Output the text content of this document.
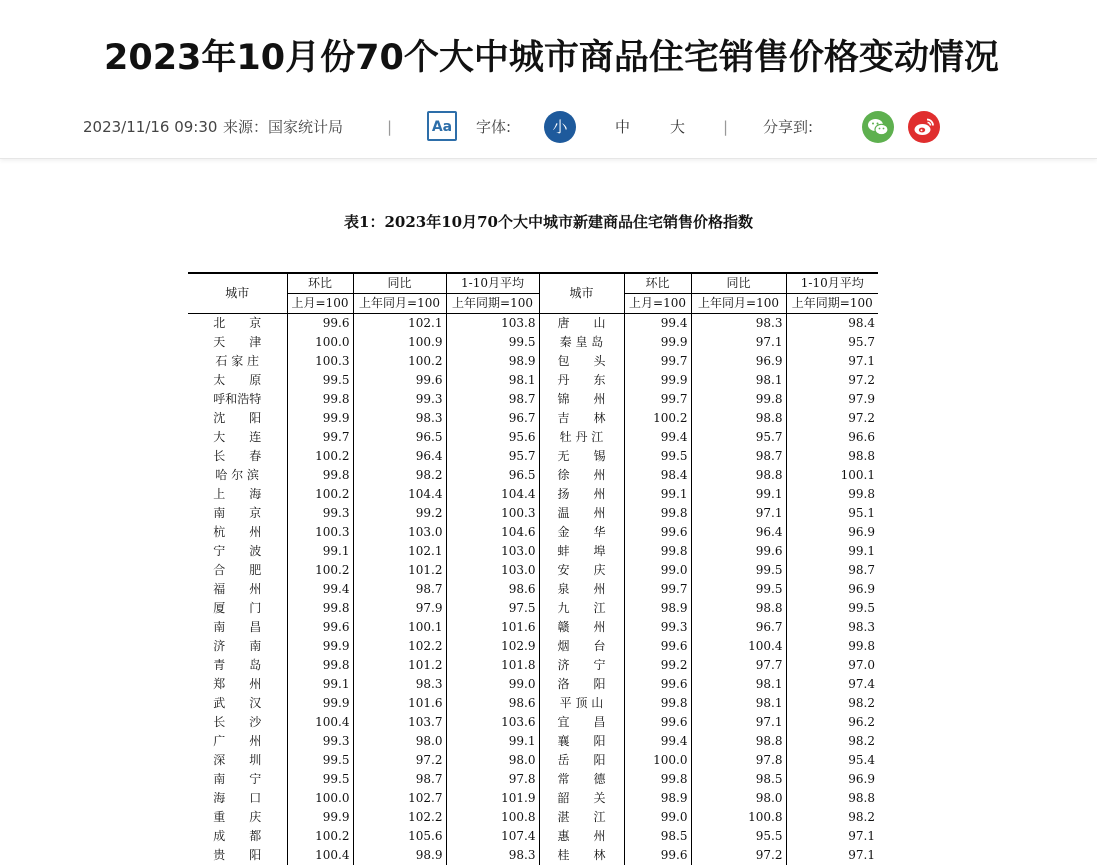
2023年10月份70个大中城市商品住宅销售价格变动情况
2023/11/16 09:30 来源：国家统计局	|	Aa	字体:	小	中	大	| 分享到:
表1：2023年10月70个大中城市新建商品住宅销售价格指数
城市	环比	同比	1-10月平均	城市	环比	同比	1-10月平均
	上月=100	上年同月=100	上年同期=100		上月=100	上年同月=100	上年同期=100
北　　京	99.6	102.1	103.8	唐　　山	99.4	98.3	98.4
天　　津	100.0	100.9	99.5	秦 皇 岛	99.9	97.1	95.7
石 家 庄	100.3	100.2	98.9	包　　头	99.7	96.9	97.1
太　　原	99.5	99.6	98.1	丹　　东	99.9	98.1	97.2
呼和浩特	99.8	99.3	98.7	锦　　州	99.7	99.8	97.9
沈　　阳	99.9	98.3	96.7	吉　　林	100.2	98.8	97.2
大　　连	99.7	96.5	95.6	牡 丹 江	99.4	95.7	96.6
长　　春	100.2	96.4	95.7	无　　锡	99.5	98.7	98.8
哈 尔 滨	99.8	98.2	96.5	徐　　州	98.4	98.8	100.1
上　　海	100.2	104.4	104.4	扬　　州	99.1	99.1	99.8
南　　京	99.3	99.2	100.3	温　　州	99.8	97.1	95.1
杭　　州	100.3	103.0	104.6	金　　华	99.6	96.4	96.9
宁　　波	99.1	102.1	103.0	蚌　　埠	99.8	99.6	99.1
合　　肥	100.2	101.2	103.0	安　　庆	99.0	99.5	98.7
福　　州	99.4	98.7	98.6	泉　　州	99.7	99.5	96.9
厦　　门	99.8	97.9	97.5	九　　江	98.9	98.8	99.5
南　　昌	99.6	100.1	101.6	赣　　州	99.3	96.7	98.3
济　　南	99.9	102.2	102.9	烟　　台	99.6	100.4	99.8
青　　岛	99.8	101.2	101.8	济　　宁	99.2	97.7	97.0
郑　　州	99.1	98.3	99.0	洛　　阳	99.6	98.1	97.4
武　　汉	99.9	101.6	98.6	平 顶 山	99.8	98.1	98.2
长　　沙	100.4	103.7	103.6	宜　　昌	99.6	97.1	96.2
广　　州	99.3	98.0	99.1	襄　　阳	99.4	98.8	98.2
深　　圳	99.5	97.2	98.0	岳　　阳	100.0	97.8	95.4
南　　宁	99.5	98.7	97.8	常　　德	99.8	98.5	96.9
海　　口	100.0	102.7	101.9	韶　　关	98.9	98.0	98.8
重　　庆	99.9	102.2	100.8	湛　　江	99.0	100.8	98.2
成　　都	100.2	105.6	107.4	惠　　州	98.5	95.5	97.1
贵　　阳	100.4	98.9	98.3	桂　　林	99.6	97.2	97.1
